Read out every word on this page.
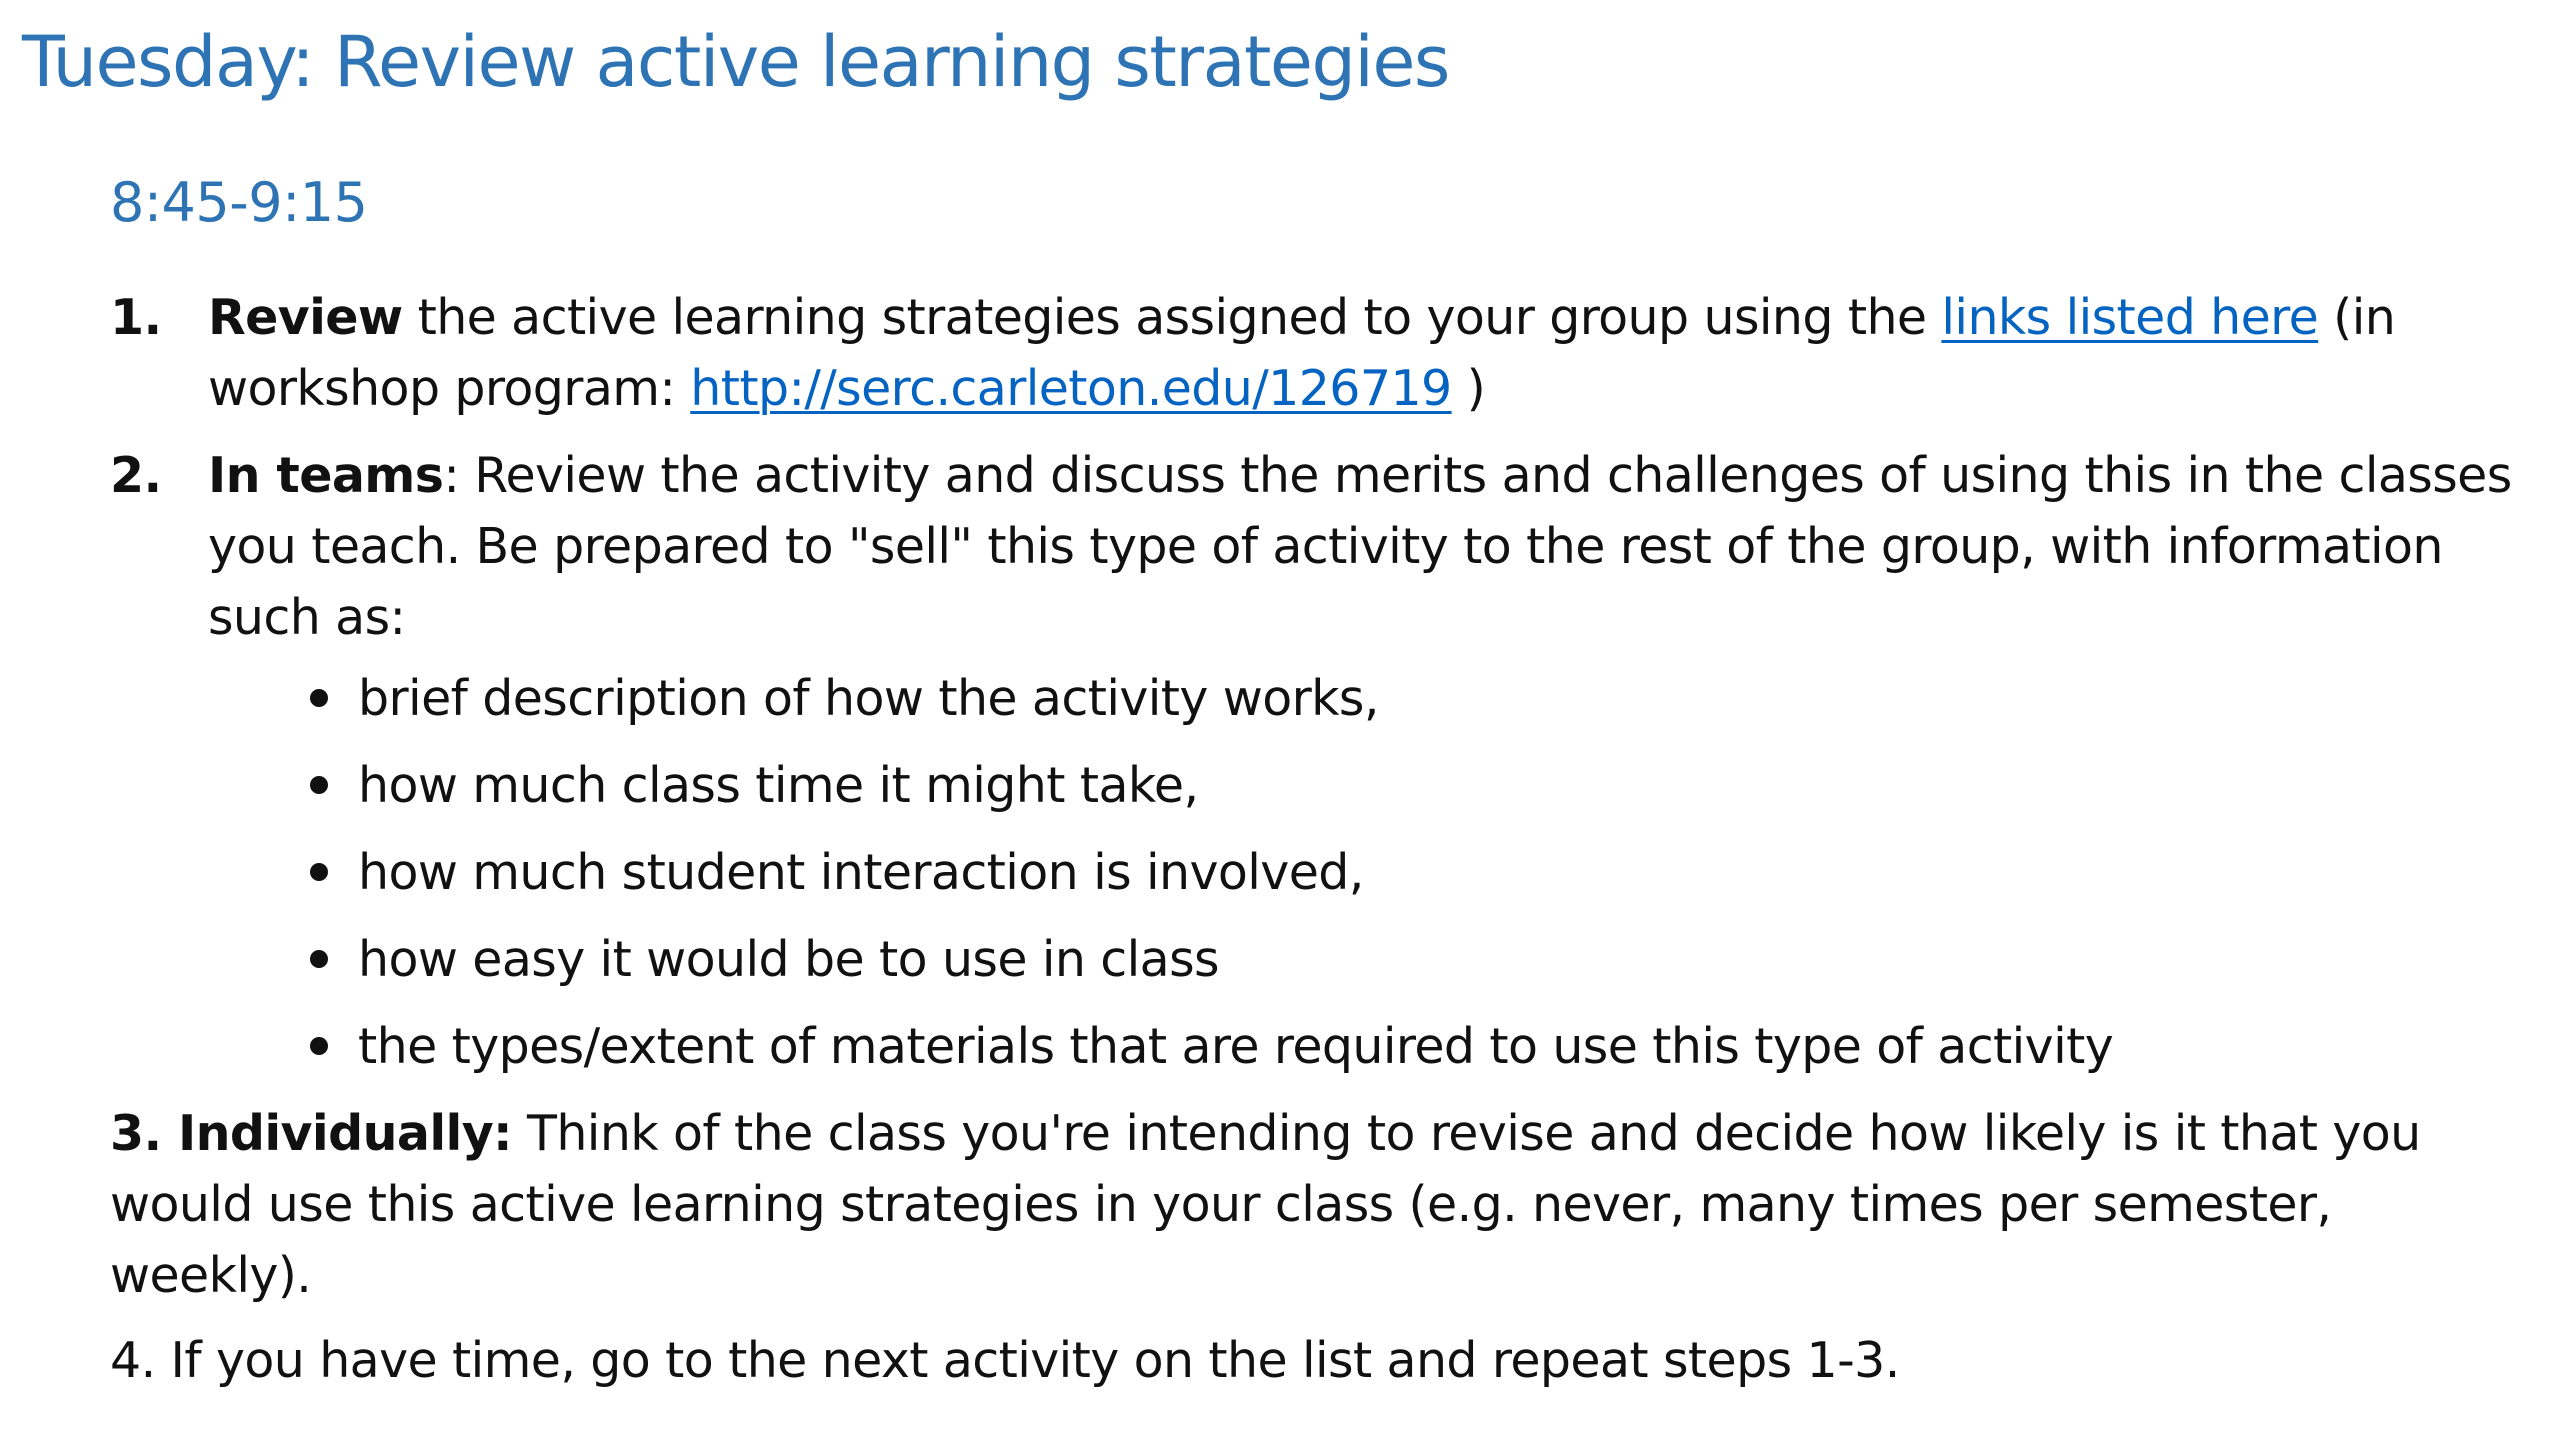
Tuesday: Review active learning strategies
8:45-9:15
1. Review the active learning strategies assigned to your group using the links listed here (in workshop program: http://serc.carleton.edu/126719 )
2. In teams: Review the activity and discuss the merits and challenges of using this in the classes you teach. Be prepared to "sell" this type of activity to the rest of the group, with information such as:
brief description of how the activity works,
how much class time it might take,
how much student interaction is involved,
how easy it would be to use in class
the types/extent of materials that are required to use this type of activity
3. Individually: Think of the class you're intending to revise and decide how likely is it that you would use this active learning strategies in your class (e.g. never, many times per semester, weekly).
4. If you have time, go to the next activity on the list and repeat steps 1-3.
